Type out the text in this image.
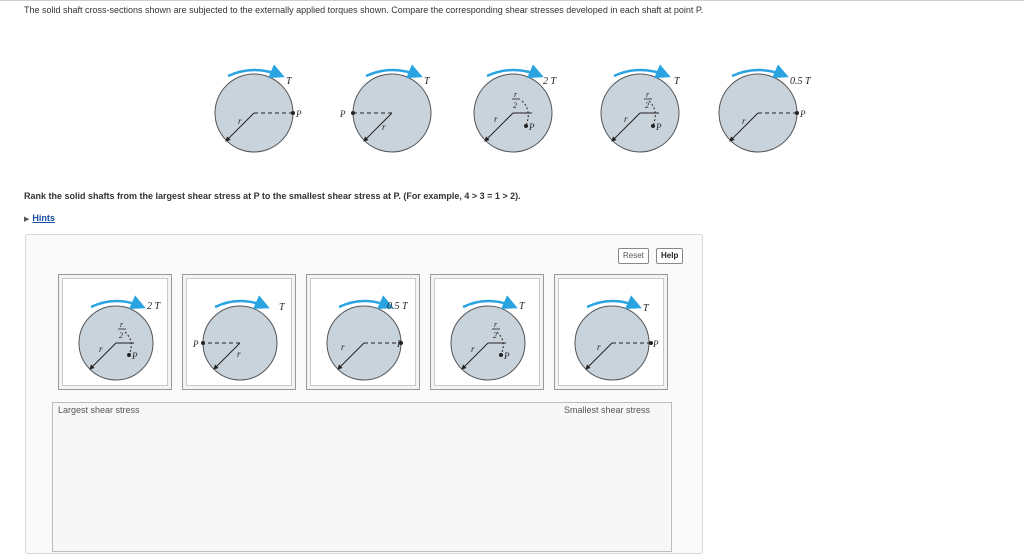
The solid shaft cross-sections shown are subjected to the externally applied torques shown. Compare the corresponding shear stresses developed in each shaft at point P.
T
r
P
T
r
P
2 T
r
P
r
2
T
r
P
r
2
0.5 T
r
P
Rank the solid shafts from the largest shear stress at P to the smallest shear stress at P. (For example, 4 > 3 = 1 > 2).
▶ Hints
Reset	Help
2 T
r
P
r
2
T
r
P
0.5 T
r	P
T
r
P
r
2
T
r	P
Largest shear stress	Smallest shear stress
